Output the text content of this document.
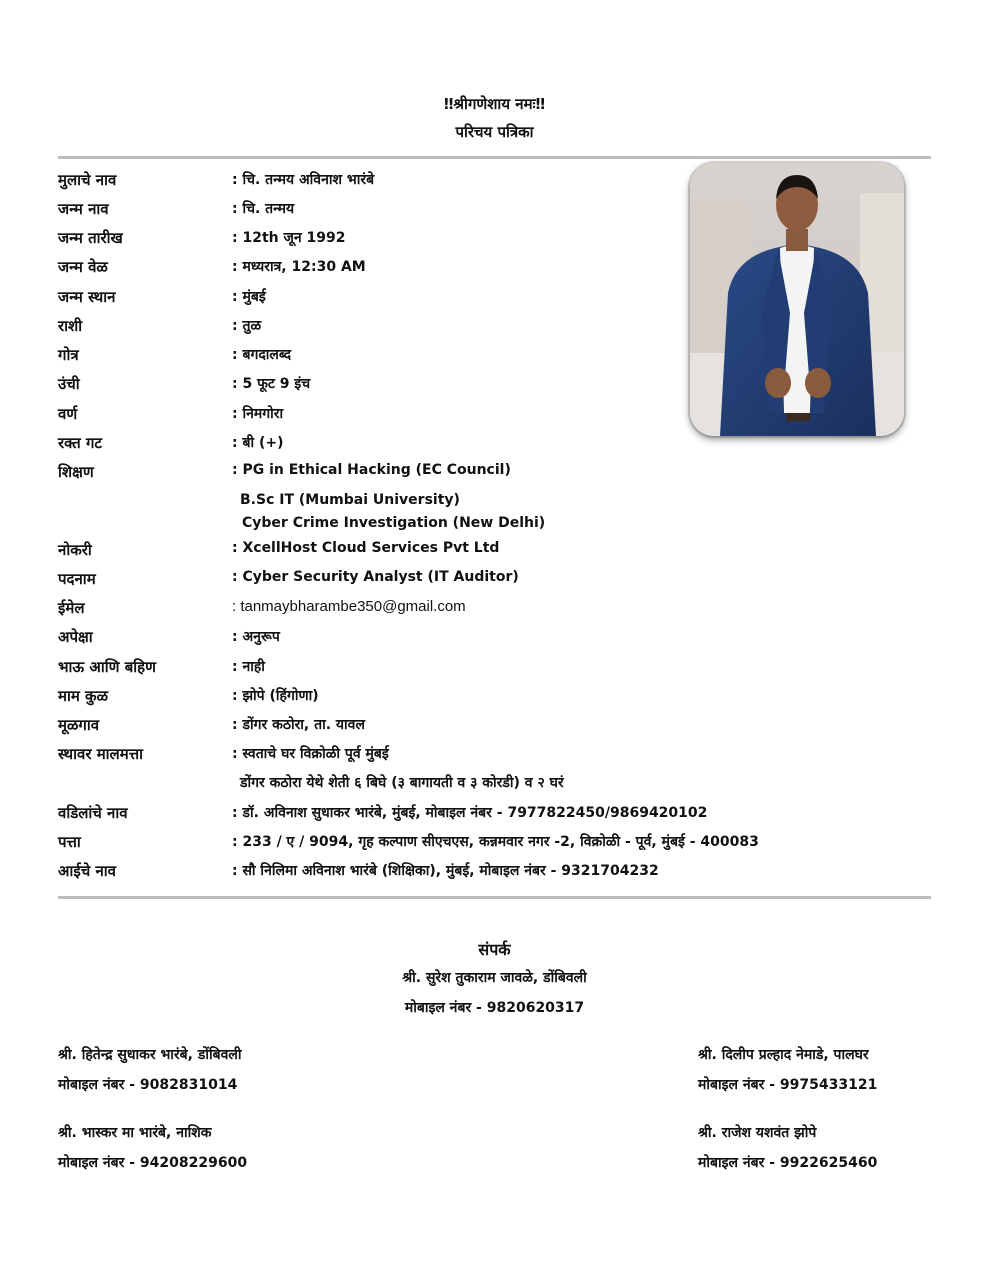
‼श्रीगणेशाय नमः‼
परिचय पत्रिका
मुलाचे नाव	: चि. तन्मय अविनाश भारंबे
जन्म नाव	: चि. तन्मय
जन्म तारीख	: 12th जून 1992
जन्म वेळ	: मध्यरात्र, 12:30 AM
जन्म स्थान	: मुंबई
राशी	: तुळ
गोत्र	: बगदालब्द
उंची	: 5 फूट 9 इंच
वर्ण	: निमगोरा
रक्त गट	: बी (+)
शिक्षण	: PG in Ethical Hacking (EC Council)
B.Sc IT (Mumbai University)
Cyber Crime Investigation (New Delhi)
नोकरी	: XcellHost Cloud Services Pvt Ltd
पदनाम	: Cyber Security Analyst (IT Auditor)
ईमेल	: tanmaybharambe350@gmail.com
अपेक्षा	: अनुरूप
भाऊ आणि बहिण	: नाही
माम कुळ	: झोपे (हिंगोणा)
मूळगाव	: डोंगर कठोरा, ता. यावल
स्थावर मालमत्ता	: स्वताचे घर विक्रोळी पूर्व मुंबई
डोंगर कठोरा येथे शेती ६ बिघे (३ बागायती व ३ कोरडी) व २ घरं
वडिलांचे नाव	: डॉ. अविनाश सुधाकर भारंबे, मुंबई, मोबाइल नंबर - 7977822450/9869420102
पत्ता	: 233 / ए / 9094, गृह कल्पाण सीएचएस, कन्नमवार नगर -2, विक्रोळी - पूर्व, मुंबई - 400083
आईचे नाव	: सौ निलिमा अविनाश भारंबे (शिक्षिका), मुंबई, मोबाइल नंबर - 9321704232
संपर्क
श्री. सुरेश तुकाराम जावळे, डोंबिवली
मोबाइल नंबर - 9820620317
श्री. हितेन्द्र सुधाकर भारंबे, डोंबिवली
मोबाइल नंबर - 9082831014
श्री. दिलीप प्रल्हाद नेमाडे, पालघर
मोबाइल नंबर - 9975433121
श्री. भास्कर मा भारंबे, नाशिक
मोबाइल नंबर - 94208229600
श्री. राजेश यशवंत झोपे
मोबाइल नंबर - 9922625460
